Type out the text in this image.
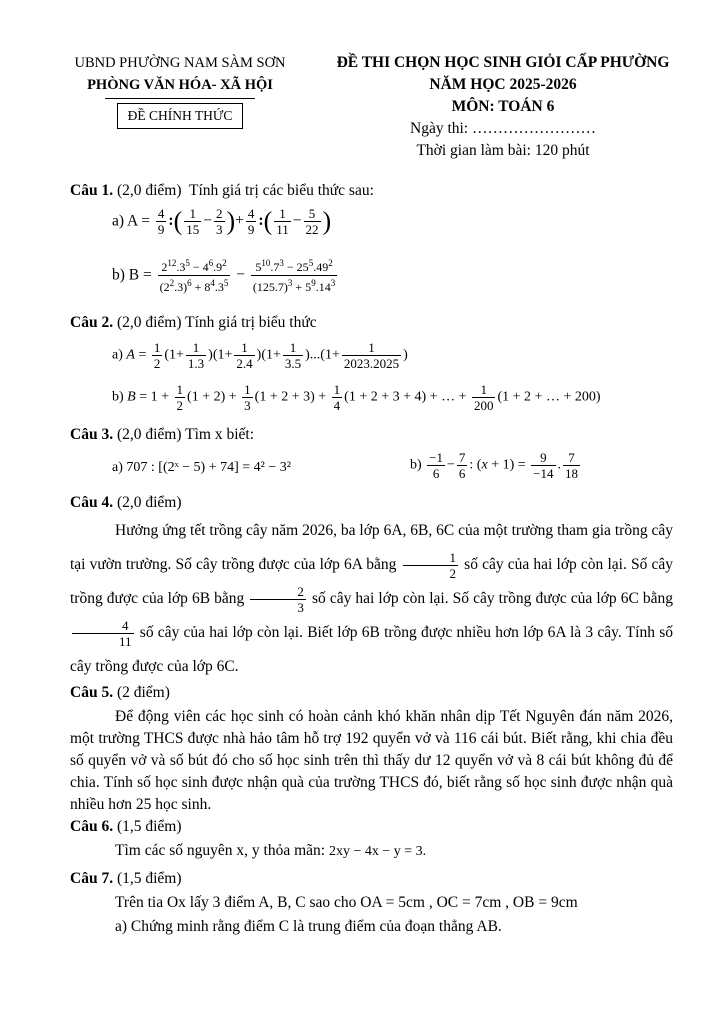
UBND PHƯỜNG NAM SÀM SƠN
PHÒNG VĂN HÓA- XÃ HỘI
ĐỀ CHÍNH THỨC
ĐỀ THI CHỌN HỌC SINH GIỎI CẤP PHƯỜNG
NĂM HỌC 2025-2026
MÔN: TOÁN 6
Ngày thi: ……………………
Thời gian làm bài: 120 phút
Câu 1. (2,0 điểm) Tính giá trị các biểu thức sau:
a) $A = \frac{4}{9}$ :( $\frac{1}{15} - \frac{2}{3}$ )+ $\frac{4}{9}$ :( $\frac{1}{11} - \frac{5}{22}$ )
b) $B = \frac{2^{12}.3^5 - 4^6.9^2}{(2^2.3)^6 + 8^4.3^5} - \frac{5^{10}.7^3 - 25^5.49^2}{(125.7)^3 + 5^9.14^3}$
Câu 2. (2,0 điểm) Tính giá trị biểu thức
a) $A = \frac{1}{2} (1+ \frac{1}{1.3} )(1+ \frac{1}{2.4} )(1+ \frac{1}{3.5} )...(1+ \frac{1}{2023.2025}$ )
b) $B = 1 + \frac{1}{2} (1 + 2) + \frac{1}{3} (1 + 2 + 3) + \frac{1}{4} (1 + 2 + 3 + 4)$ + … + $\frac{1}{200} (1 + 2$ + … + 200)
Câu 3. (2,0 điểm) Tìm x biết:
a) 707 : [(2ˣ − 5) + 74] = 4² − 3²	$b) \frac{-1}{6} - \frac{7}{6}$ : $(x + 1) = \frac{9}{-14}$ . $\frac{7}{18}$
Câu 4. (2,0 điểm)
Hưởng ứng tết trồng cây năm 2026, ba lớp 6A, 6B, 6C của một trường tham gia trồng cây tại vườn trường. Số cây trồng được của lớp 6A bằng $\frac{1}{2}$ số cây của hai lớp còn lại. Số cây trồng được của lớp 6B bằng $\frac{2}{3}$ số cây hai lớp còn lại. Số cây trồng được của lớp 6C bằng
$\frac{4}{11}$ số cây của hai lớp còn lại. Biết lớp 6B trồng được nhiều hơn lớp 6A là 3 cây. Tính số cây trồng được của lớp 6C.
Câu 5. (2 điểm)
Để động viên các học sinh có hoàn cảnh khó khăn nhân dịp Tết Nguyên đán năm 2026, một trường THCS được nhà hảo tâm hỗ trợ 192 quyển vở và 116 cái bút. Biết rằng, khi chia đều số quyển vở và số bút đó cho số học sinh trên thì thấy dư 12 quyển vở và 8 cái bút không đủ để chia. Tính số học sinh được nhận quà của trường THCS đó, biết rằng số học sinh được nhận quà nhiều hơn 25 học sinh.
Câu 6. (1,5 điểm)
Tìm các số nguyên x, y thỏa mãn: 2xy − 4x − y = 3.
Câu 7. (1,5 điểm)
Trên tia Ox lấy 3 điểm A, B, C sao cho OA = 5cm , OC = 7cm , OB = 9cm
a) Chứng minh rằng điểm C là trung điểm của đoạn thẳng AB.
